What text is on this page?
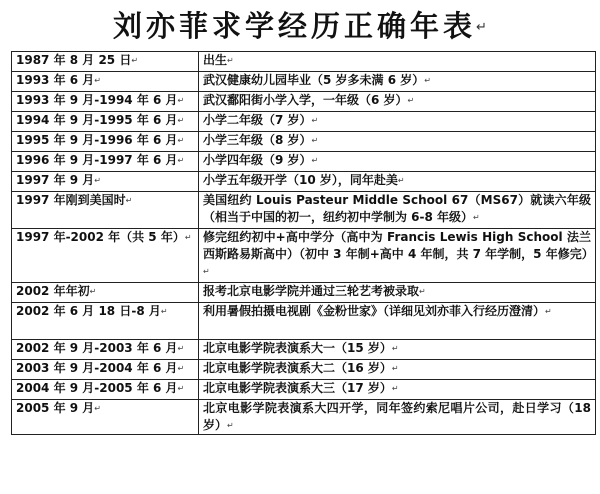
刘亦菲求学经历正确年表↵
1987 年 8 月 25 日↵	出生↵
1993 年 6 月↵	武汉健康幼儿园毕业（5 岁多未满 6 岁）↵
1993 年 9 月-1994 年 6 月↵	武汉鄱阳街小学入学，一年级（6 岁）↵
1994 年 9 月-1995 年 6 月↵	小学二年级（7 岁）↵
1995 年 9 月-1996 年 6 月↵	小学三年级（8 岁）↵
1996 年 9 月-1997 年 6 月↵	小学四年级（9 岁）↵
1997 年 9 月↵	小学五年级开学（10 岁），同年赴美↵
1997 年刚到美国时↵	美国纽约 Louis Pasteur Middle School 67（MS67）就读六年级（相当于中国的初一，纽约初中学制为 6-8 年级）↵
1997 年-2002 年（共 5 年）↵	修完纽约初中+高中学分（高中为 Francis Lewis High School 法兰西斯路易斯高中）（初中 3 年制+高中 4 年制，共 7 年学制，5 年修完）↵
2002 年年初↵	报考北京电影学院并通过三轮艺考被录取↵
2002 年 6 月 18 日-8 月↵	利用暑假拍摄电视剧《金粉世家》（详细见刘亦菲入行经历澄清）↵
2002 年 9 月-2003 年 6 月↵	北京电影学院表演系大一（15 岁）↵
2003 年 9 月-2004 年 6 月↵	北京电影学院表演系大二（16 岁）↵
2004 年 9 月-2005 年 6 月↵	北京电影学院表演系大三（17 岁）↵
2005 年 9 月↵	北京电影学院表演系大四开学，同年签约索尼唱片公司，赴日学习（18 岁）↵
